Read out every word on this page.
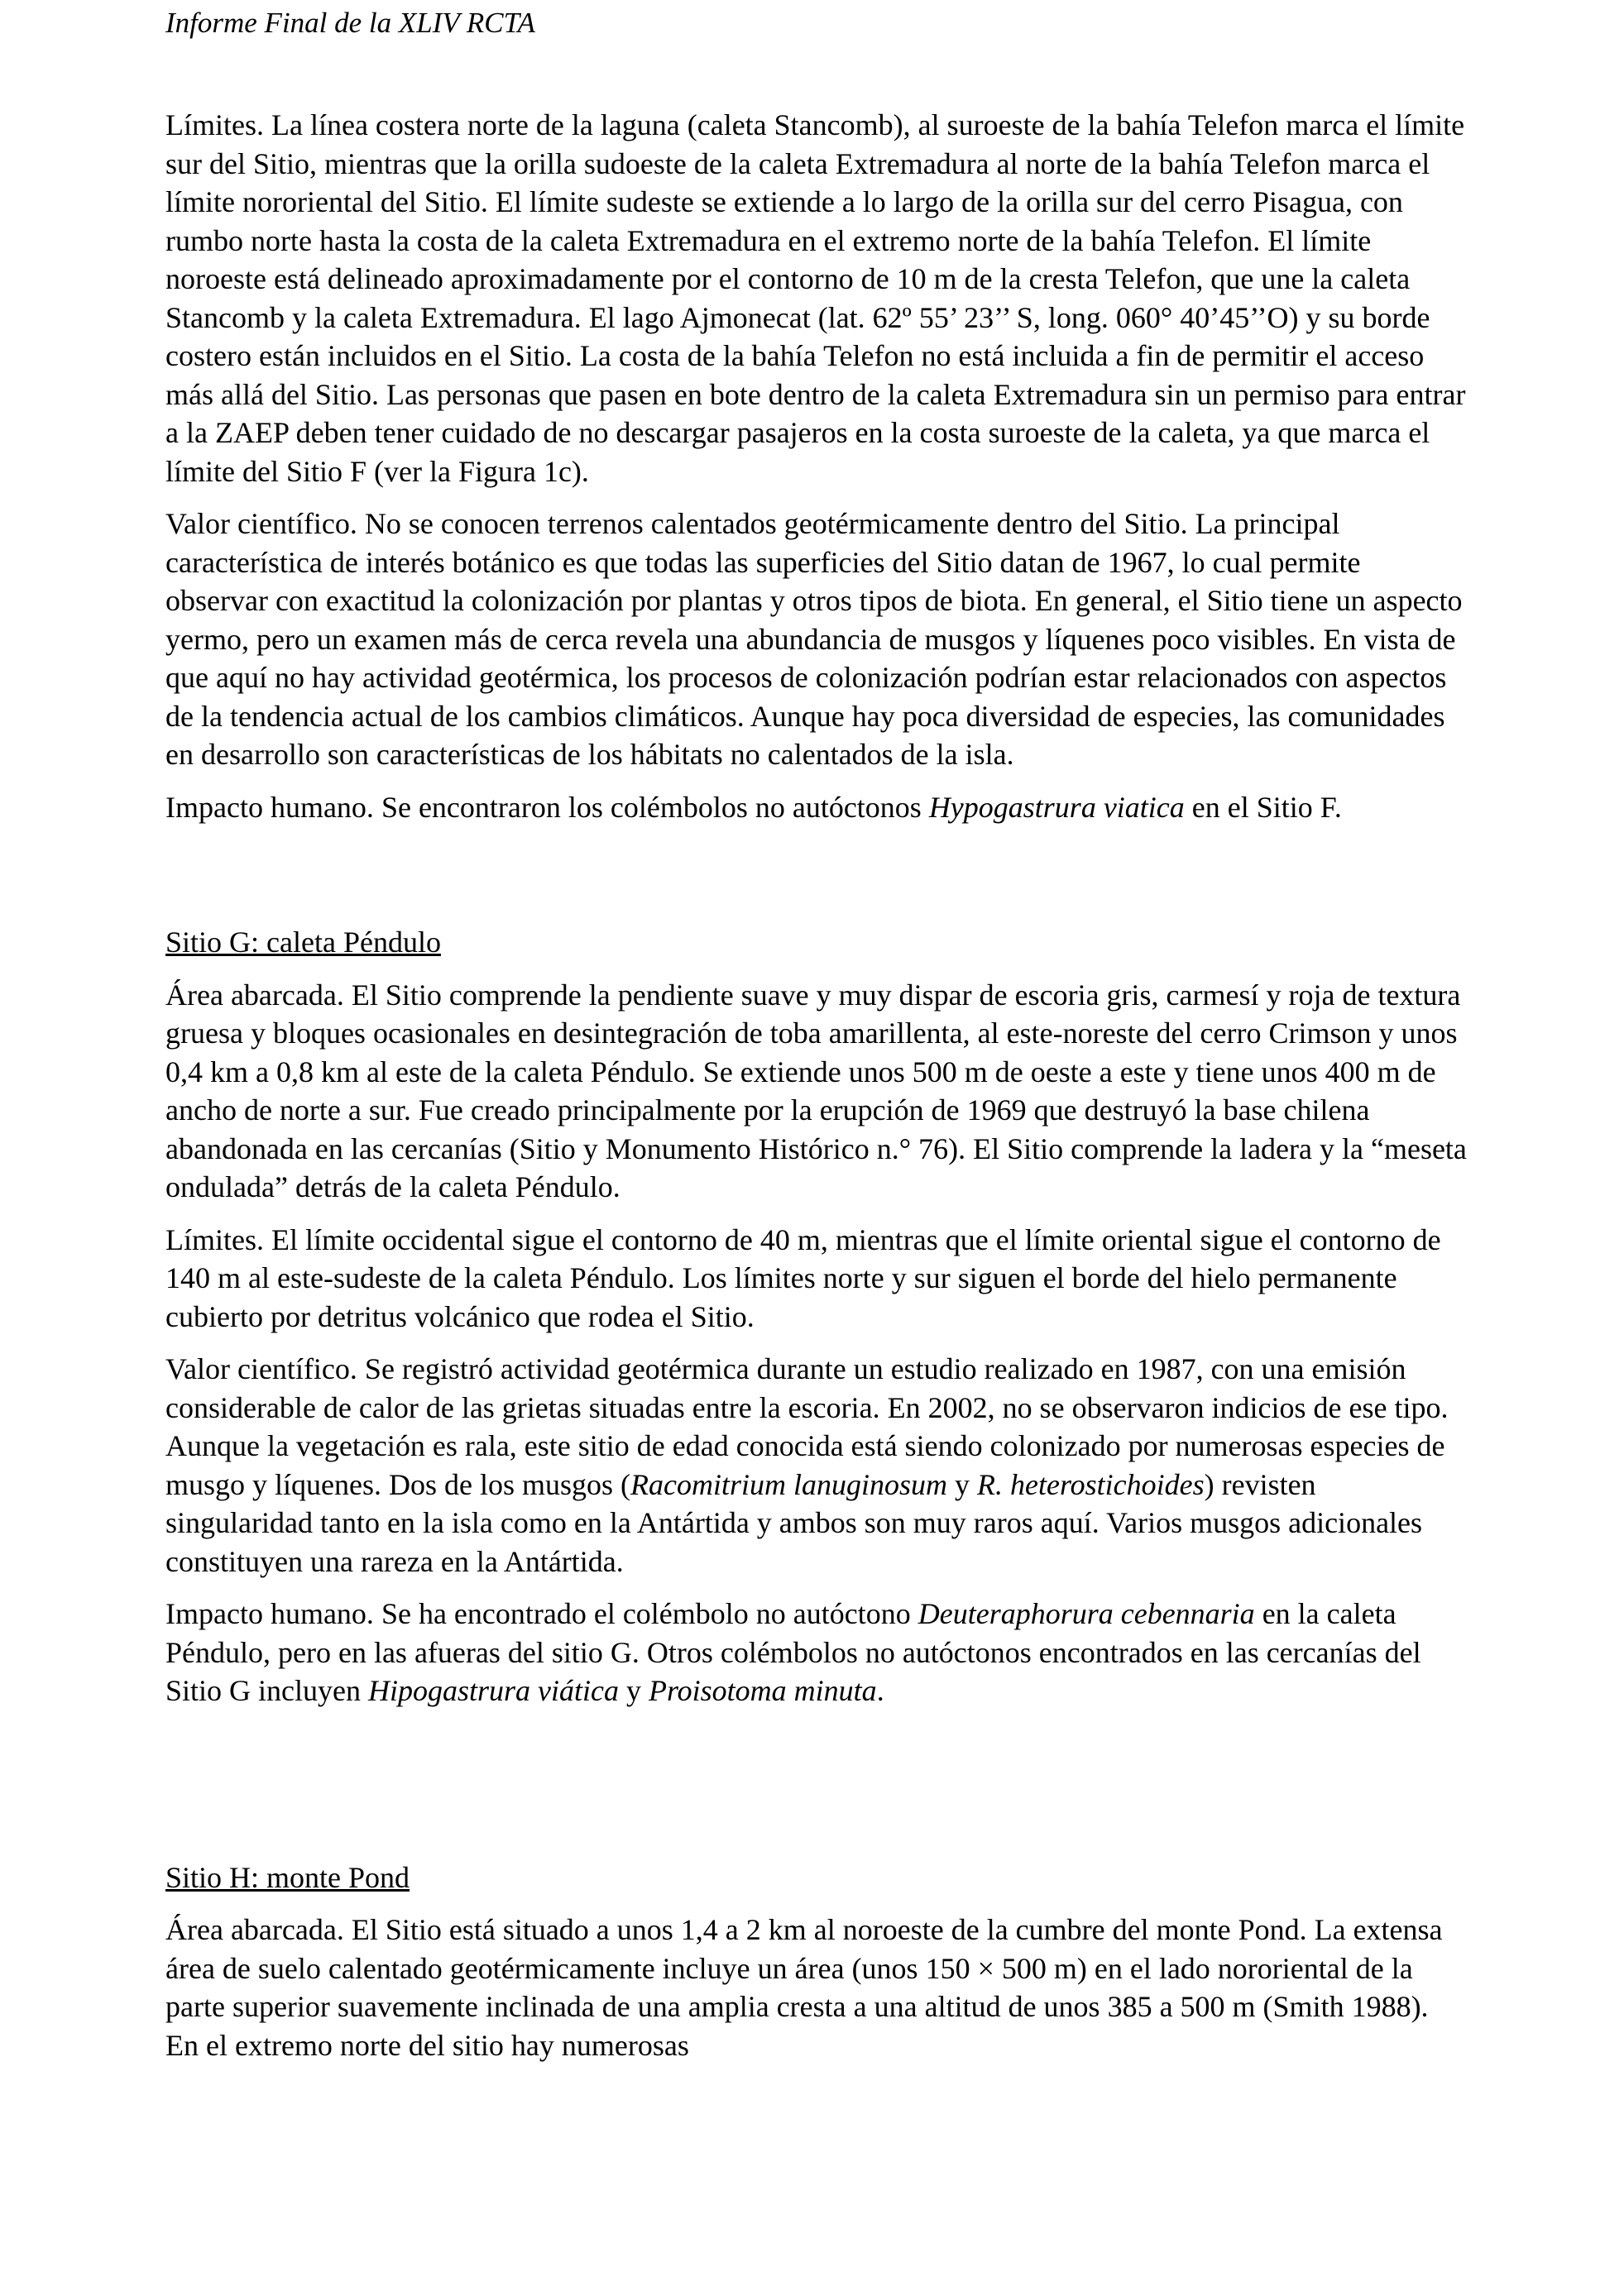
Informe Final de la XLIV RCTA

Límites. La línea costera norte de la laguna (caleta Stancomb), al suroeste de la bahía Telefon marca el límite sur del Sitio, mientras que la orilla sudoeste de la caleta Extremadura al norte de la bahía Telefon marca el límite nororiental del Sitio. El límite sudeste se extiende a lo largo de la orilla sur del cerro Pisagua, con rumbo norte hasta la costa de la caleta Extremadura en el extremo norte de la bahía Telefon. El límite noroeste está delineado aproximadamente por el contorno de 10 m de la cresta Telefon, que une la caleta Stancomb y la caleta Extremadura. El lago Ajmonecat (lat. 62º 55’ 23’’ S, long. 060° 40’45’’O) y su borde costero están incluidos en el Sitio. La costa de la bahía Telefon no está incluida a fin de permitir el acceso más allá del Sitio. Las personas que pasen en bote dentro de la caleta Extremadura sin un permiso para entrar a la ZAEP deben tener cuidado de no descargar pasajeros en la costa suroeste de la caleta, ya que marca el límite del Sitio F (ver la Figura 1c).

Valor científico. No se conocen terrenos calentados geotérmicamente dentro del Sitio. La principal característica de interés botánico es que todas las superficies del Sitio datan de 1967, lo cual permite observar con exactitud la colonización por plantas y otros tipos de biota. En general, el Sitio tiene un aspecto yermo, pero un examen más de cerca revela una abundancia de musgos y líquenes poco visibles. En vista de que aquí no hay actividad geotérmica, los procesos de colonización podrían estar relacionados con aspectos de la tendencia actual de los cambios climáticos. Aunque hay poca diversidad de especies, las comunidades en desarrollo son características de los hábitats no calentados de la isla.

Impacto humano. Se encontraron los colémbolos no autóctonos Hypogastrura viatica en el Sitio F.

Sitio G: caleta Péndulo

Área abarcada. El Sitio comprende la pendiente suave y muy dispar de escoria gris, carmesí y roja de textura gruesa y bloques ocasionales en desintegración de toba amarillenta, al este-noreste del cerro Crimson y unos 0,4 km a 0,8 km al este de la caleta Péndulo. Se extiende unos 500 m de oeste a este y tiene unos 400 m de ancho de norte a sur. Fue creado principalmente por la erupción de 1969 que destruyó la base chilena abandonada en las cercanías (Sitio y Monumento Histórico n.° 76). El Sitio comprende la ladera y la “meseta ondulada” detrás de la caleta Péndulo.

Límites. El límite occidental sigue el contorno de 40 m, mientras que el límite oriental sigue el contorno de 140 m al este-sudeste de la caleta Péndulo. Los límites norte y sur siguen el borde del hielo permanente cubierto por detritus volcánico que rodea el Sitio.

Valor científico. Se registró actividad geotérmica durante un estudio realizado en 1987, con una emisión considerable de calor de las grietas situadas entre la escoria. En 2002, no se observaron indicios de ese tipo. Aunque la vegetación es rala, este sitio de edad conocida está siendo colonizado por numerosas especies de musgo y líquenes. Dos de los musgos (Racomitrium lanuginosum y R. heterostichoides) revisten singularidad tanto en la isla como en la Antártida y ambos son muy raros aquí. Varios musgos adicionales constituyen una rareza en la Antártida.

Impacto humano. Se ha encontrado el colémbolo no autóctono Deuteraphorura cebennaria en la caleta Péndulo, pero en las afueras del sitio G. Otros colémbolos no autóctonos encontrados en las cercanías del Sitio G incluyen Hipogastrura viática y Proisotoma minuta.

Sitio H: monte Pond

Área abarcada. El Sitio está situado a unos 1,4 a 2 km al noroeste de la cumbre del monte Pond. La extensa área de suelo calentado geotérmicamente incluye un área (unos 150 × 500 m) en el lado nororiental de la parte superior suavemente inclinada de una amplia cresta a una altitud de unos 385 a 500 m (Smith 1988). En el extremo norte del sitio hay numerosas
